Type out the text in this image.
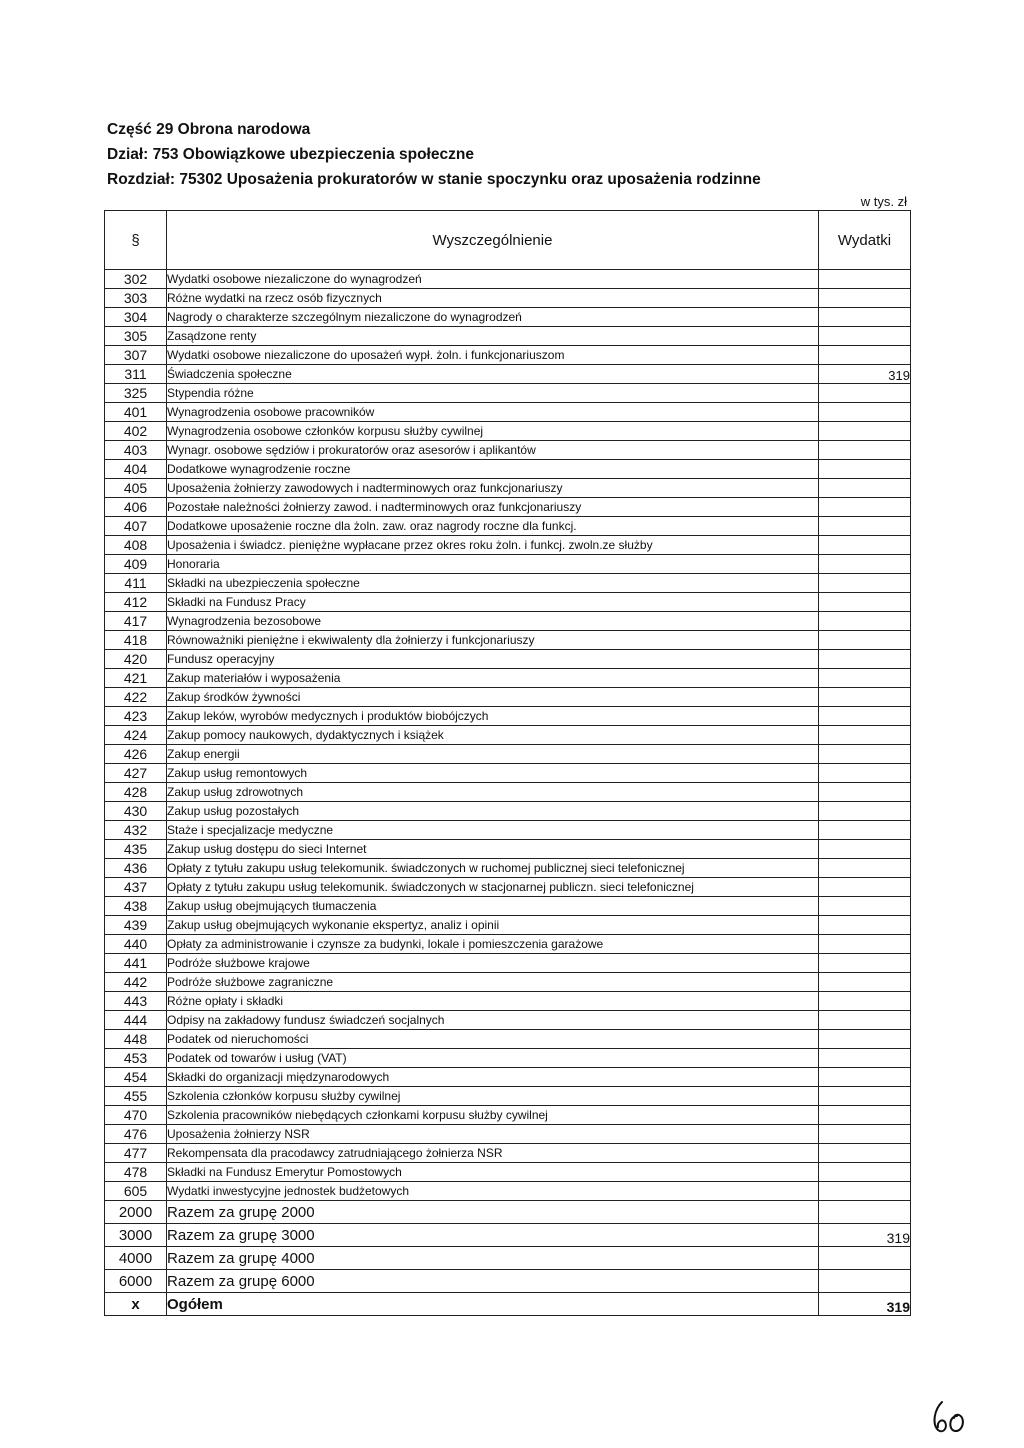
Część 29 Obrona narodowa
Dział: 753 Obowiązkowe ubezpieczenia społeczne
Rozdział: 75302 Uposażenia prokuratorów w stanie spoczynku oraz uposażenia rodzinne
w tys. zł
§	Wyszczególnienie	Wydatki
302	Wydatki osobowe niezaliczone do wynagrodzeń	
303	Różne wydatki na rzecz osób fizycznych	
304	Nagrody o charakterze szczególnym niezaliczone do wynagrodzeń	
305	Zasądzone renty	
307	Wydatki osobowe niezaliczone do uposażeń wypł. żoln. i funkcjonariuszom	
311	Świadczenia społeczne	319
325	Stypendia różne	
401	Wynagrodzenia osobowe pracowników	
402	Wynagrodzenia osobowe członków korpusu służby cywilnej	
403	Wynagr. osobowe sędziów i prokuratorów oraz asesorów i aplikantów	
404	Dodatkowe wynagrodzenie roczne	
405	Uposażenia żołnierzy zawodowych i nadterminowych oraz funkcjonariuszy	
406	Pozostałe należności żołnierzy zawod. i nadterminowych oraz funkcjonariuszy	
407	Dodatkowe uposażenie roczne dla żoln. zaw. oraz nagrody roczne dla funkcj.	
408	Uposażenia i świadcz. pieniężne wypłacane przez okres roku żoln. i funkcj. zwoln.ze służby	
409	Honoraria	
411	Składki na ubezpieczenia społeczne	
412	Składki na Fundusz Pracy	
417	Wynagrodzenia bezosobowe	
418	Równoważniki pieniężne i ekwiwalenty dla żołnierzy i funkcjonariuszy	
420	Fundusz operacyjny	
421	Zakup materiałów i wyposażenia	
422	Zakup środków żywności	
423	Zakup leków, wyrobów medycznych i produktów biobójczych	
424	Zakup pomocy naukowych, dydaktycznych i książek	
426	Zakup energii	
427	Zakup usług remontowych	
428	Zakup usług zdrowotnych	
430	Zakup usług pozostałych	
432	Staże i specjalizacje medyczne	
435	Zakup usług dostępu do sieci Internet	
436	Opłaty z tytułu zakupu usług telekomunik. świadczonych w ruchomej publicznej sieci telefonicznej	
437	Opłaty z tytułu zakupu usług telekomunik. świadczonych w stacjonarnej publiczn. sieci telefonicznej	
438	Zakup usług obejmujących tłumaczenia	
439	Zakup usług obejmujących wykonanie ekspertyz, analiz i opinii	
440	Opłaty za administrowanie i czynsze za budynki, lokale i pomieszczenia garażowe	
441	Podróże służbowe krajowe	
442	Podróże służbowe zagraniczne	
443	Różne opłaty i składki	
444	Odpisy na zakładowy fundusz świadczeń socjalnych	
448	Podatek od nieruchomości	
453	Podatek od towarów i usług (VAT)	
454	Składki do organizacji międzynarodowych	
455	Szkolenia członków korpusu służby cywilnej	
470	Szkolenia pracowników niebędących członkami korpusu służby cywilnej	
476	Uposażenia żołnierzy NSR	
477	Rekompensata dla pracodawcy zatrudniającego żołnierza NSR	
478	Składki na Fundusz Emerytur Pomostowych	
605	Wydatki inwestycyjne jednostek budżetowych	
2000	Razem za grupę 2000	
3000	Razem za grupę 3000	319
4000	Razem za grupę 4000	
6000	Razem za grupę 6000	
x	Ogółem	319
